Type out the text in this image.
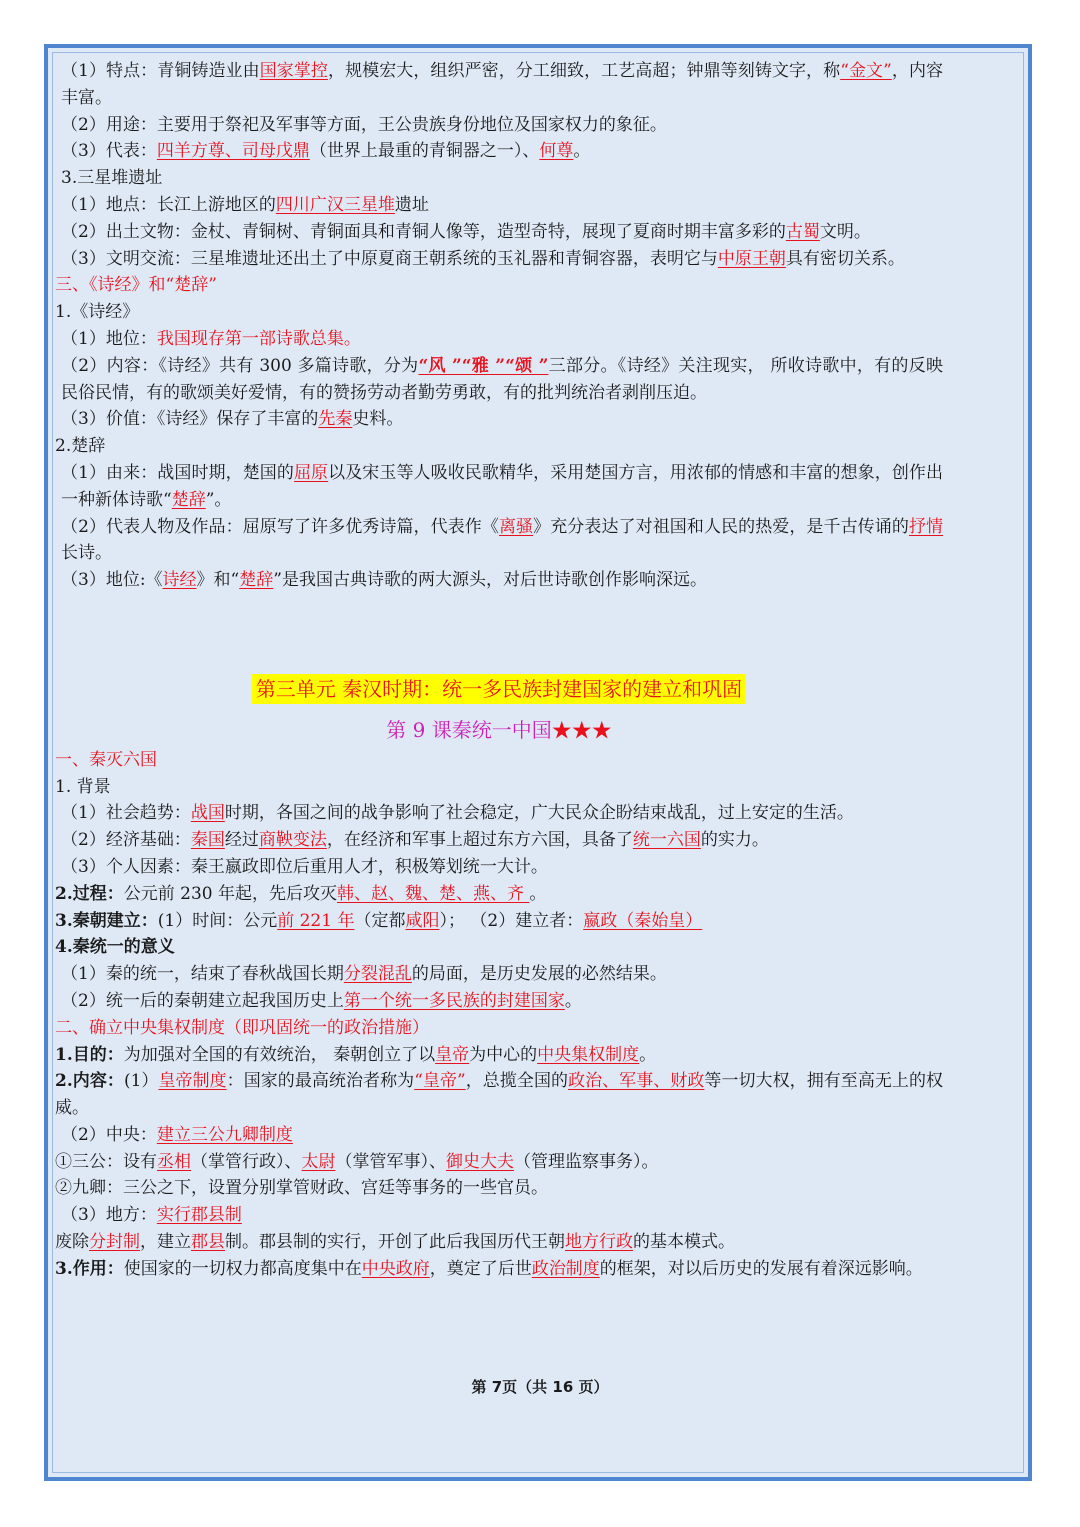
（1）特点：青铜铸造业由国家掌控，规模宏大，组织严密，分工细致，工艺高超；钟鼎等刻铸文字，称“金文”，内容丰富。
（2）用途：主要用于祭祀及军事等方面，王公贵族身份地位及国家权力的象征。
（3）代表：四羊方尊、司母戊鼎（世界上最重的青铜器之一）、何尊。
3.三星堆遗址
（1）地点：长江上游地区的四川广汉三星堆遗址
（2）出土文物：金杖、青铜树、青铜面具和青铜人像等，造型奇特，展现了夏商时期丰富多彩的古蜀文明。
（3）文明交流：三星堆遗址还出土了中原夏商王朝系统的玉礼器和青铜容器，表明它与中原王朝具有密切关系。
三、《诗经》和“楚辞”
1.《诗经》
（1）地位：我国现存第一部诗歌总集。
（2）内容：《诗经》共有 300 多篇诗歌，分为“风 ”“雅 ”“颂 ”三部分。《诗经》关注现实， 所收诗歌中，有的反映民俗民情，有的歌颂美好爱情，有的赞扬劳动者勤劳勇敢，有的批判统治者剥削压迫。
（3）价值：《诗经》保存了丰富的先秦史料。
2.楚辞
（1）由来：战国时期，楚国的屈原以及宋玉等人吸收民歌精华，采用楚国方言，用浓郁的情感和丰富的想象，创作出一种新体诗歌“楚辞”。
（2）代表人物及作品：屈原写了许多优秀诗篇，代表作《离骚》充分表达了对祖国和人民的热爱，是千古传诵的抒情长诗。
（3）地位:《诗经》和“楚辞”是我国古典诗歌的两大源头，对后世诗歌创作影响深远。
第三单元 秦汉时期：统一多民族封建国家的建立和巩固
第 9 课秦统一中国★★★
一、秦灭六国
1. 背景
（1）社会趋势：战国时期，各国之间的战争影响了社会稳定，广大民众企盼结束战乱，过上安定的生活。
（2）经济基础：秦国经过商鞅变法，在经济和军事上超过东方六国，具备了统一六国的实力。
（3）个人因素：秦王嬴政即位后重用人才，积极筹划统一大计。
2.过程：公元前 230 年起，先后攻灭韩、赵、魏、楚、燕、齐 。
3.秦朝建立：(1）时间：公元前 221 年（定都咸阳）； （2）建立者：嬴政（秦始皇）
4.秦统一的意义
（1）秦的统一，结束了春秋战国长期分裂混乱的局面，是历史发展的必然结果。
（2）统一后的秦朝建立起我国历史上第一个统一多民族的封建国家。
二、确立中央集权制度（即巩固统一的政治措施）
1.目的：为加强对全国的有效统治， 秦朝创立了以皇帝为中心的中央集权制度。
2.内容：(1）皇帝制度：国家的最高统治者称为“皇帝”，总揽全国的政治、军事、财政等一切大权，拥有至高无上的权威。
（2）中央：建立三公九卿制度
①三公：设有丞相（掌管行政）、太尉（掌管军事）、御史大夫（管理监察事务）。
②九卿：三公之下，设置分别掌管财政、宫廷等事务的一些官员。
（3）地方：实行郡县制
废除分封制，建立郡县制。郡县制的实行，开创了此后我国历代王朝地方行政的基本模式。
3.作用：使国家的一切权力都高度集中在中央政府，奠定了后世政治制度的框架，对以后历史的发展有着深远影响。
第 7页（共 16 页）
